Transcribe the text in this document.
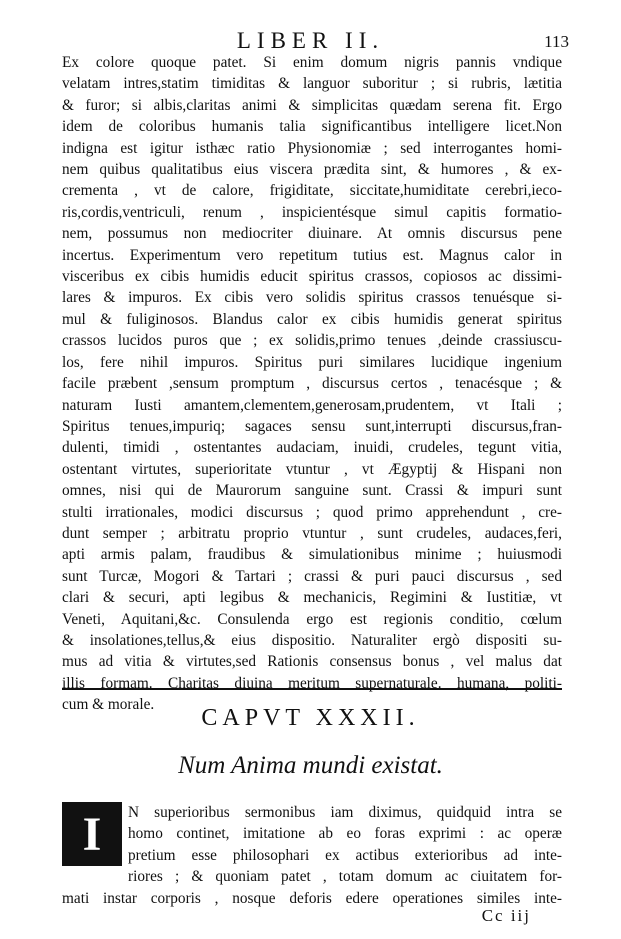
LIBER II.	113
Ex colore quoque patet. Si enim domum nigris pannis vndique
velatam intres,statim timiditas & languor suboritur ; si rubris, lætitia
& furor; si albis,claritas animi & simplicitas quædam serena fit. Ergo
idem de coloribus humanis talia significantibus intelligere licet.Non
indigna est igitur isthæc ratio Physionomiæ ; sed interrogantes homi-
nem quibus qualitatibus eius viscera prædita sint, & humores , & ex-
crementa , vt de calore, frigiditate, siccitate,humiditate cerebri,ieco-
ris,cordis,ventriculi, renum , inspicientésque simul capitis formatio-
nem, possumus non mediocriter diuinare. At omnis discursus pene
incertus. Experimentum vero repetitum tutius est. Magnus calor in
visceribus ex cibis humidis educit spiritus crassos, copiosos ac dissimi-
lares & impuros. Ex cibis vero solidis spiritus crassos tenuésque si-
mul & fuliginosos. Blandus calor ex cibis humidis generat spiritus
crassos lucidos puros que ; ex solidis,primo tenues ,deinde crassiuscu-
los, fere nihil impuros. Spiritus puri similares lucidique ingenium
facile præbent ,sensum promptum , discursus certos , tenacésque ; &
naturam Iusti amantem,clementem,generosam,prudentem, vt Itali ;
Spiritus tenues,impuriq; sagaces sensu sunt,interrupti discursus,fran-
dulenti, timidi , ostentantes audaciam, inuidi, crudeles, tegunt vitia,
ostentant virtutes, superioritate vtuntur , vt Ægyptij & Hispani non
omnes, nisi qui de Maurorum sanguine sunt. Crassi & impuri sunt
stulti irrationales, modici discursus ; quod primo apprehendunt , cre-
dunt semper ; arbitratu proprio vtuntur , sunt crudeles, audaces,feri,
apti armis palam, fraudibus & simulationibus minime ; huiusmodi
sunt Turcæ, Mogori & Tartari ; crassi & puri pauci discursus , sed
clari & securi, apti legibus & mechanicis, Regimini & Iustitiæ, vt
Veneti, Aquitani,&c. Consulenda ergo est regionis conditio, cœlum
& insolationes,tellus,& eius dispositio. Naturaliter ergò dispositi su-
mus ad vitia & virtutes,sed Rationis consensus bonus , vel malus dat
illis formam. Charitas diuina meritum supernaturale. humana, politi-
cum & morale.
CAPVT XXXII.
Num Anima mundi existat.
I	N superioribus sermonibus iam diximus, quidquid intra se
homo continet, imitatione ab eo foras exprimi : ac operæ
pretium esse philosophari ex actibus exterioribus ad inte-
riores ; & quoniam patet , totam domum ac ciuitatem for-
mati instar corporis , nosque deforis edere operationes similes inte-
Cc iij
